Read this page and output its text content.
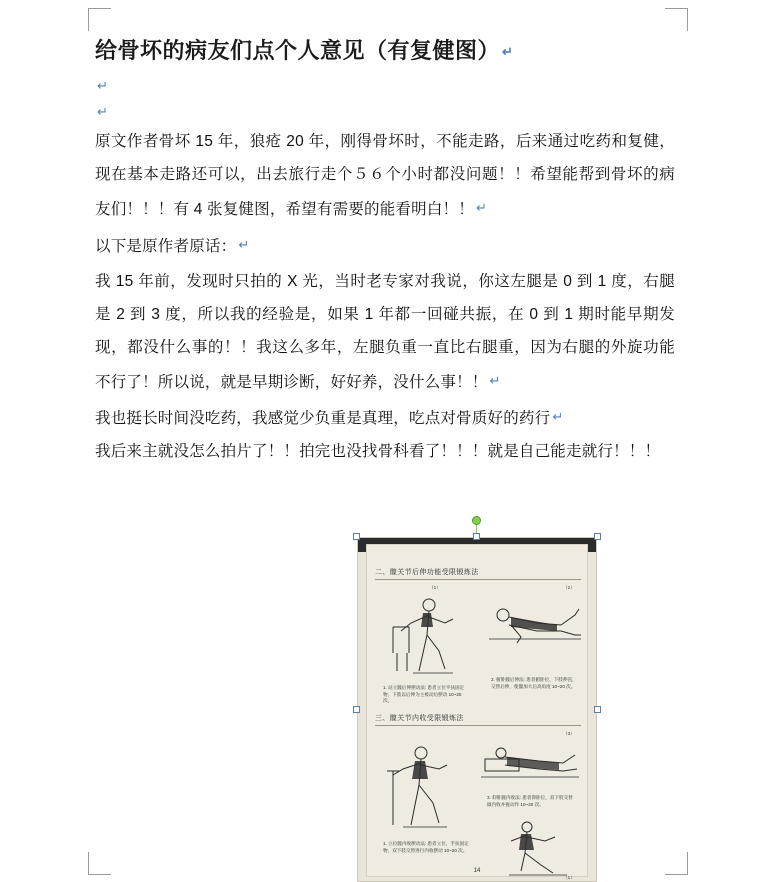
给骨坏的病友们点个人意见（有复健图） ↵
↵
↵

原文作者骨坏 15 年，狼疮 20 年，刚得骨坏时，不能走路，后来通过吃药和复健，现在基本走路还可以，出去旅行走个５６个小时都没问题！！希望能帮到骨坏的病友们！！！有 4 张复健图，希望有需要的能看明白！！ ↵

以下是原作者原话： ↵

我 15 年前，发现时只拍的 X 光，当时老专家对我说，你这左腿是 0 到 1 度，右腿是 2 到 3 度，所以我的经验是，如果 1 年都一回碰共振，在 0 到 1 期时能早期发现，都没什么事的！！我这么多年，左腿负重一直比右腿重，因为右腿的外旋功能不行了！所以说，就是早期诊断，好好养，没什么事！！ ↵

我也挺长时间没吃药，我感觉少负重是真理，吃点对骨质好的药行 ↵

我后来主就没怎么拍片了！！拍完也没找骨科看了！！！就是自己能走就行！！！

二、髋关节后伸功能受限锻炼法
（1）	（2）
1. 站立髋后伸摆动法: 患者立位平扶固定物，下肢以后伸为主被动后摆动 10~20 次。
2. 俯卧髋后伸法: 患者俯卧位，下肢伸直，交替后伸，使髋加大后高角度 10~20 次。
三、髋关节内收受限锻炼法
（3）
3. 仰卧髋内收法: 患者仰卧位，双下肢交替做内收并拢动作 10~20 次。
（1）
1. 立位髋内收摆动法: 患者立位，手扶固定物，双下肢交替进行内收摆动 10~20 次。
14
